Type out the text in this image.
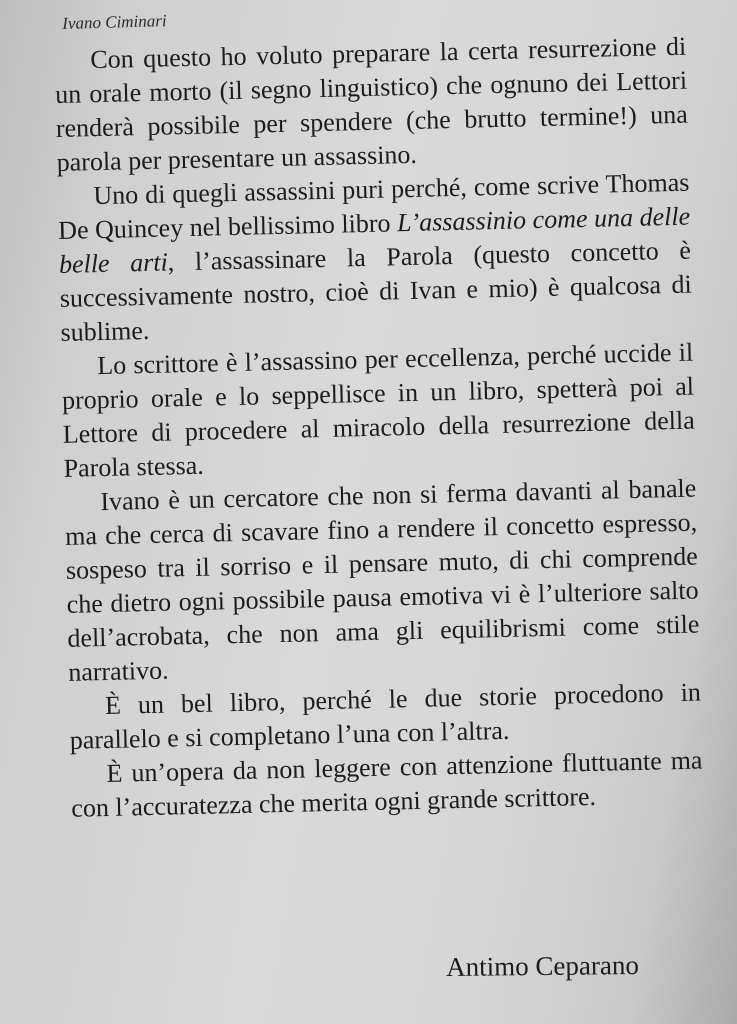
Ivano Ciminari

Con questo ho voluto preparare la certa resurrezione di un orale morto (il segno linguistico) che ognuno dei Lettori renderà possibile per spendere (che brutto termine!) una parola per presentare un assassino.

Uno di quegli assassini puri perché, come scrive Thomas De Quincey nel bellissimo libro L’assassinio come una delle belle arti, l’assassinare la Parola (questo concetto è successivamente nostro, cioè di Ivan e mio) è qualcosa di sublime.

Lo scrittore è l’assassino per eccellenza, perché uccide il proprio orale e lo seppellisce in un libro, spetterà poi al Lettore di procedere al miracolo della resurrezione della Parola stessa.

Ivano è un cercatore che non si ferma davanti al banale ma che cerca di scavare fino a rendere il concetto espresso, sospeso tra il sorriso e il pensare muto, di chi comprende che dietro ogni possibile pausa emotiva vi è l’ulteriore salto dell’acrobata, che non ama gli equilibrismi come stile narrativo.

È un bel libro, perché le due storie procedono in parallelo e si completano l’una con l’altra.

È un’opera da non leggere con attenzione fluttuante ma con l’accuratezza che merita ogni grande scrittore.

Antimo Ceparano
